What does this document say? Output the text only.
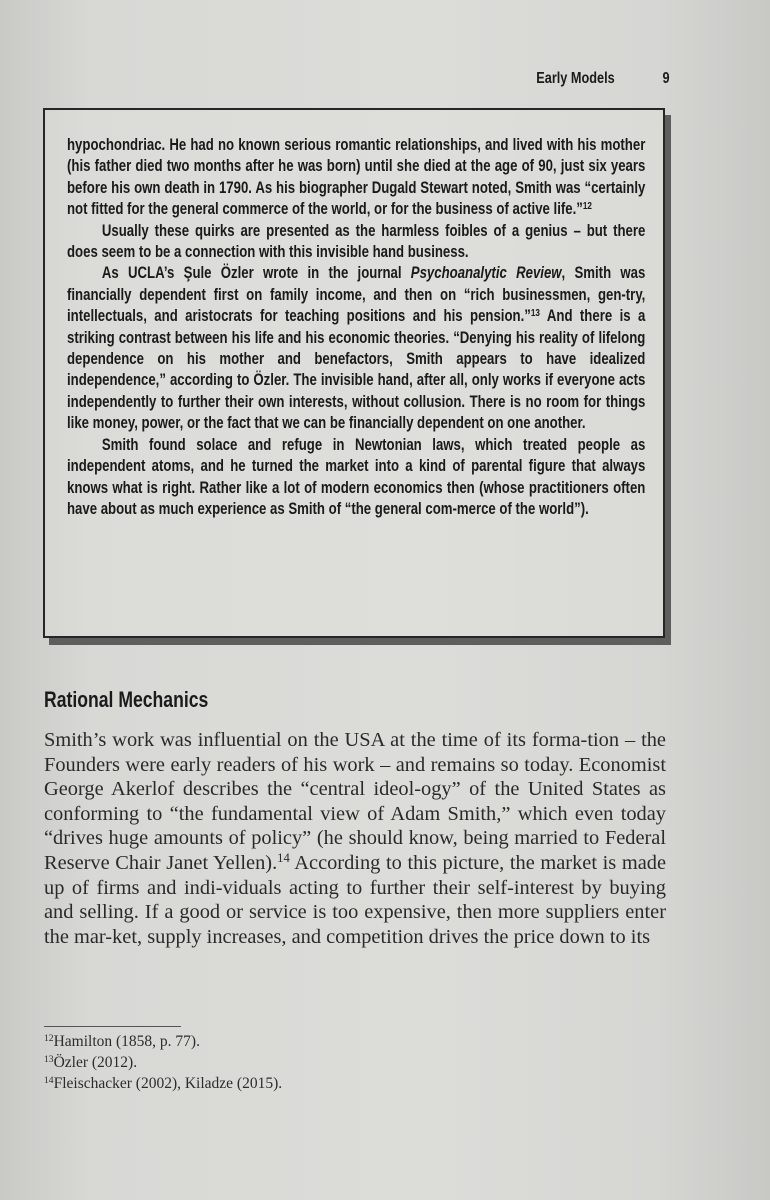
Early Models	9

hypochondriac. He had no known serious romantic relationships, and lived with his mother (his father died two months after he was born) until she died at the age of 90, just six years before his own death in 1790. As his biographer Dugald Stewart noted, Smith was “certainly not fitted for the general commerce of the world, or for the business of active life.”$^{12}$

Usually these quirks are presented as the harmless foibles of a genius – but there does seem to be a connection with this invisible hand business.

As UCLA’s Şule Özler wrote in the journal Psychoanalytic Review, Smith was financially dependent first on family income, and then on “rich businessmen, gen-try, intellectuals, and aristocrats for teaching positions and his pension.”$^{13}$ And there is a striking contrast between his life and his economic theories. “Denying his reality of lifelong dependence on his mother and benefactors, Smith appears to have idealized independence,” according to Özler. The invisible hand, after all, only works if everyone acts independently to further their own interests, without collusion. There is no room for things like money, power, or the fact that we can be financially dependent on one another.

Smith found solace and refuge in Newtonian laws, which treated people as independent atoms, and he turned the market into a kind of parental figure that always knows what is right. Rather like a lot of modern economics then (whose practitioners often have about as much experience as Smith of “the general com-merce of the world”).

Rational Mechanics

Smith’s work was influential on the USA at the time of its forma-tion – the Founders were early readers of his work – and remains so today. Economist George Akerlof describes the “central ideol-ogy” of the United States as conforming to “the fundamental view of Adam Smith,” which even today “drives huge amounts of policy” (he should know, being married to Federal Reserve Chair Janet Yellen).$^{14}$ According to this picture, the market is made up of firms and indi-viduals acting to further their self-interest by buying and selling. If a good or service is too expensive, then more suppliers enter the mar-ket, supply increases, and competition drives the price down to its

$^{12}$Hamilton (1858, p. 77).

$^{13}$Özler (2012).

$^{14}$Fleischacker (2002), Kiladze (2015).
